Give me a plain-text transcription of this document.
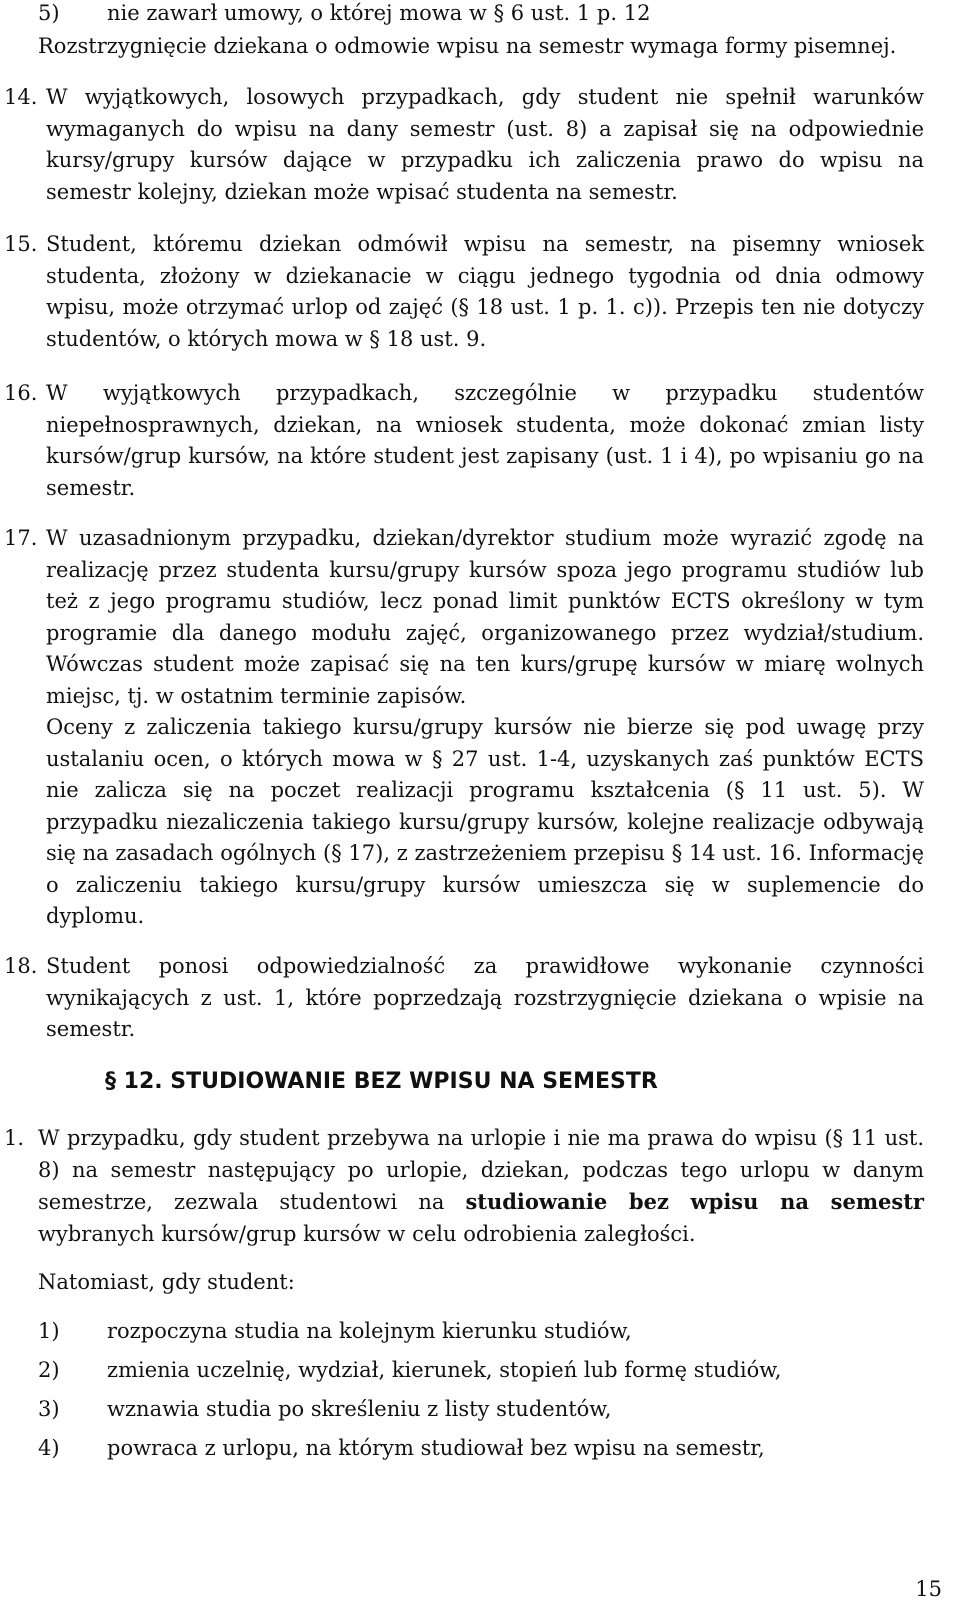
5) nie zawarł umowy, o której mowa w § 6 ust. 1 p. 12
Rozstrzygnięcie dziekana o odmowie wpisu na semestr wymaga formy pisemnej.
14. W wyjątkowych, losowych przypadkach, gdy student nie spełnił warunków wymaganych do wpisu na dany semestr (ust. 8) a zapisał się na odpowiednie kursy/grupy kursów dające w przypadku ich zaliczenia prawo do wpisu na semestr kolejny, dziekan może wpisać studenta na semestr.
15. Student, któremu dziekan odmówił wpisu na semestr, na pisemny wniosek studenta, złożony w dziekanacie w ciągu jednego tygodnia od dnia odmowy wpisu, może otrzymać urlop od zajęć (§ 18 ust. 1 p. 1. c)). Przepis ten nie dotyczy studentów, o których mowa w § 18 ust. 9.
16. W wyjątkowych przypadkach, szczególnie w przypadku studentów niepełnosprawnych, dziekan, na wniosek studenta, może dokonać zmian listy kursów/grup kursów, na które student jest zapisany (ust. 1 i 4), po wpisaniu go na semestr.
17. W uzasadnionym przypadku, dziekan/dyrektor studium może wyrazić zgodę na realizację przez studenta kursu/grupy kursów spoza jego programu studiów lub też z jego programu studiów, lecz ponad limit punktów ECTS określony w tym programie dla danego modułu zajęć, organizowanego przez wydział/studium. Wówczas student może zapisać się na ten kurs/grupę kursów w miarę wolnych miejsc, tj. w ostatnim terminie zapisów.
Oceny z zaliczenia takiego kursu/grupy kursów nie bierze się pod uwagę przy ustalaniu ocen, o których mowa w § 27 ust. 1-4, uzyskanych zaś punktów ECTS nie zalicza się na poczet realizacji programu kształcenia (§ 11 ust. 5). W przypadku niezaliczenia takiego kursu/grupy kursów, kolejne realizacje odbywają się na zasadach ogólnych (§ 17), z zastrzeżeniem przepisu § 14 ust. 16. Informację o zaliczeniu takiego kursu/grupy kursów umieszcza się w suplemencie do dyplomu.
18. Student ponosi odpowiedzialność za prawidłowe wykonanie czynności wynikających z ust. 1, które poprzedzają rozstrzygnięcie dziekana o wpisie na semestr.
§ 12. STUDIOWANIE BEZ WPISU NA SEMESTR
1. W przypadku, gdy student przebywa na urlopie i nie ma prawa do wpisu (§ 11 ust. 8) na semestr następujący po urlopie, dziekan, podczas tego urlopu w danym semestrze, zezwala studentowi na studiowanie bez wpisu na semestr wybranych kursów/grup kursów w celu odrobienia zaległości.
Natomiast, gdy student:
1) rozpoczyna studia na kolejnym kierunku studiów,
2) zmienia uczelnię, wydział, kierunek, stopień lub formę studiów,
3) wznawia studia po skreśleniu z listy studentów,
4) powraca z urlopu, na którym studiował bez wpisu na semestr,
15
